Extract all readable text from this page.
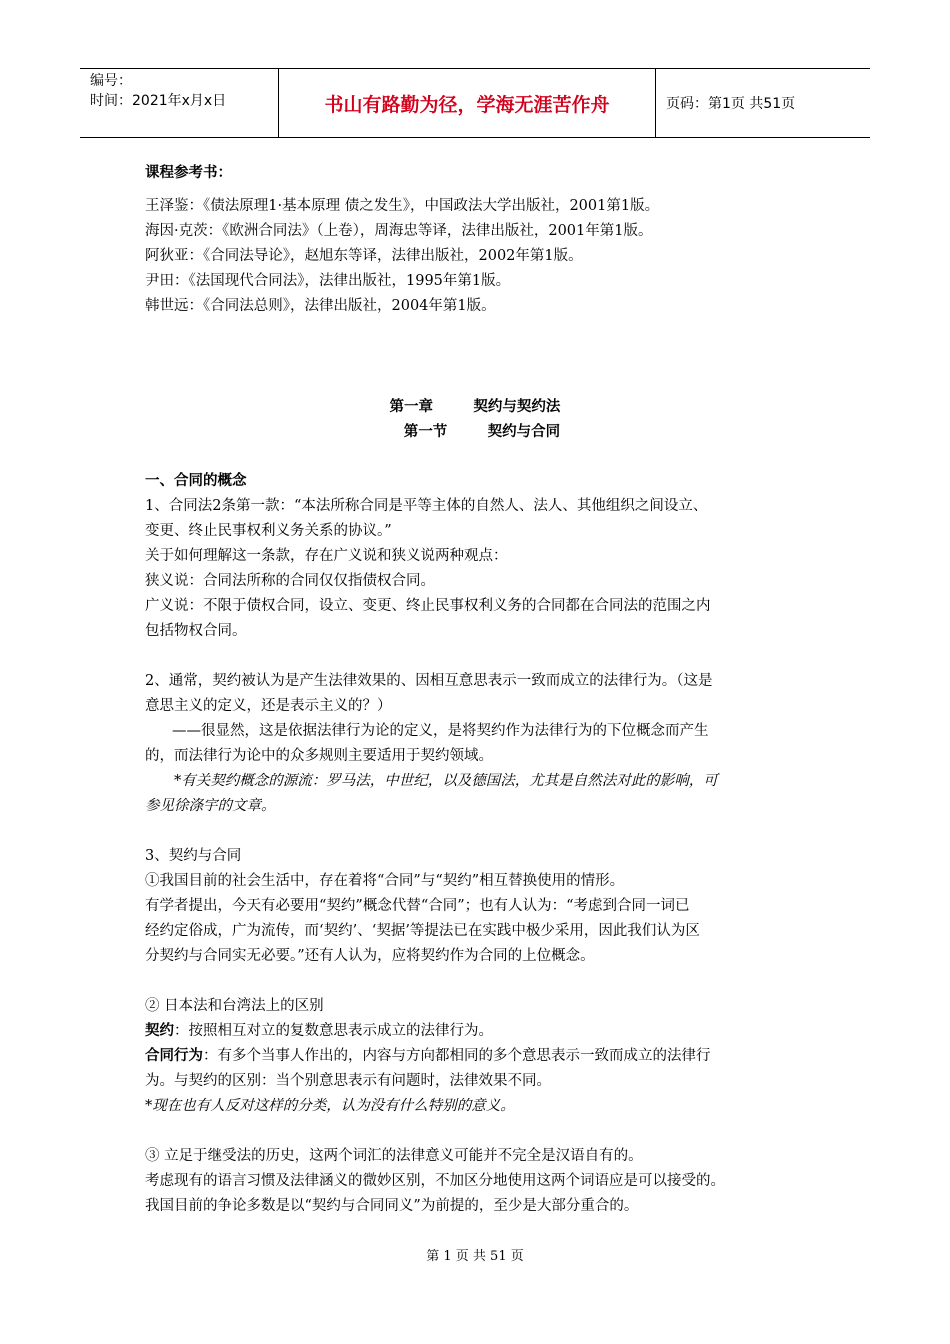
编号：
时间：2021年x月x日	书山有路勤为径，学海无涯苦作舟	页码：第1页 共51页
课程参考书：
王泽鉴：《债法原理1·基本原理 债之发生》，中国政法大学出版社，2001第1版。
海因·克茨：《欧洲合同法》（上卷），周海忠等译，法律出版社，2001年第1版。
阿狄亚：《合同法导论》，赵旭东等译，法律出版社，2002年第1版。
尹田：《法国现代合同法》，法律出版社，1995年第1版。
韩世远：《合同法总则》，法律出版社，2004年第1版。
第一章        契约与契约法
第一节        契约与合同
一、合同的概念
1、合同法2条第一款：“本法所称合同是平等主体的自然人、法人、其他组织之间设立、
变更、终止民事权利义务关系的协议。”
关于如何理解这一条款，存在广义说和狭义说两种观点：
狭义说：合同法所称的合同仅仅指债权合同。
广义说：不限于债权合同，设立、变更、终止民事权利义务的合同都在合同法的范围之内
包括物权合同。
2、通常，契约被认为是产生法律效果的、因相互意思表示一致而成立的法律行为。（这是
意思主义的定义，还是表示主义的？）
——很显然，这是依据法律行为论的定义，是将契约作为法律行为的下位概念而产生
的，而法律行为论中的众多规则主要适用于契约领域。
*有关契约概念的源流：罗马法，中世纪，以及德国法，尤其是自然法对此的影响，可
参见徐涤宇的文章。
3、契约与合同
①我国目前的社会生活中，存在着将“合同”与“契约”相互替换使用的情形。
有学者提出，今天有必要用“契约”概念代替“合同”；也有人认为：“考虑到合同一词已
经约定俗成，广为流传，而‘契约’、‘契据’等提法已在实践中极少采用，因此我们认为区
分契约与合同实无必要。”还有人认为，应将契约作为合同的上位概念。
② 日本法和台湾法上的区别
契约：按照相互对立的复数意思表示成立的法律行为。
合同行为：有多个当事人作出的，内容与方向都相同的多个意思表示一致而成立的法律行
为。与契约的区别：当个别意思表示有问题时，法律效果不同。
*现在也有人反对这样的分类，认为没有什么特别的意义。
③ 立足于继受法的历史，这两个词汇的法律意义可能并不完全是汉语自有的。
考虑现有的语言习惯及法律涵义的微妙区别，不加区分地使用这两个词语应是可以接受的。
我国目前的争论多数是以“契约与合同同义”为前提的，至少是大部分重合的。
第 1 页 共 51 页
